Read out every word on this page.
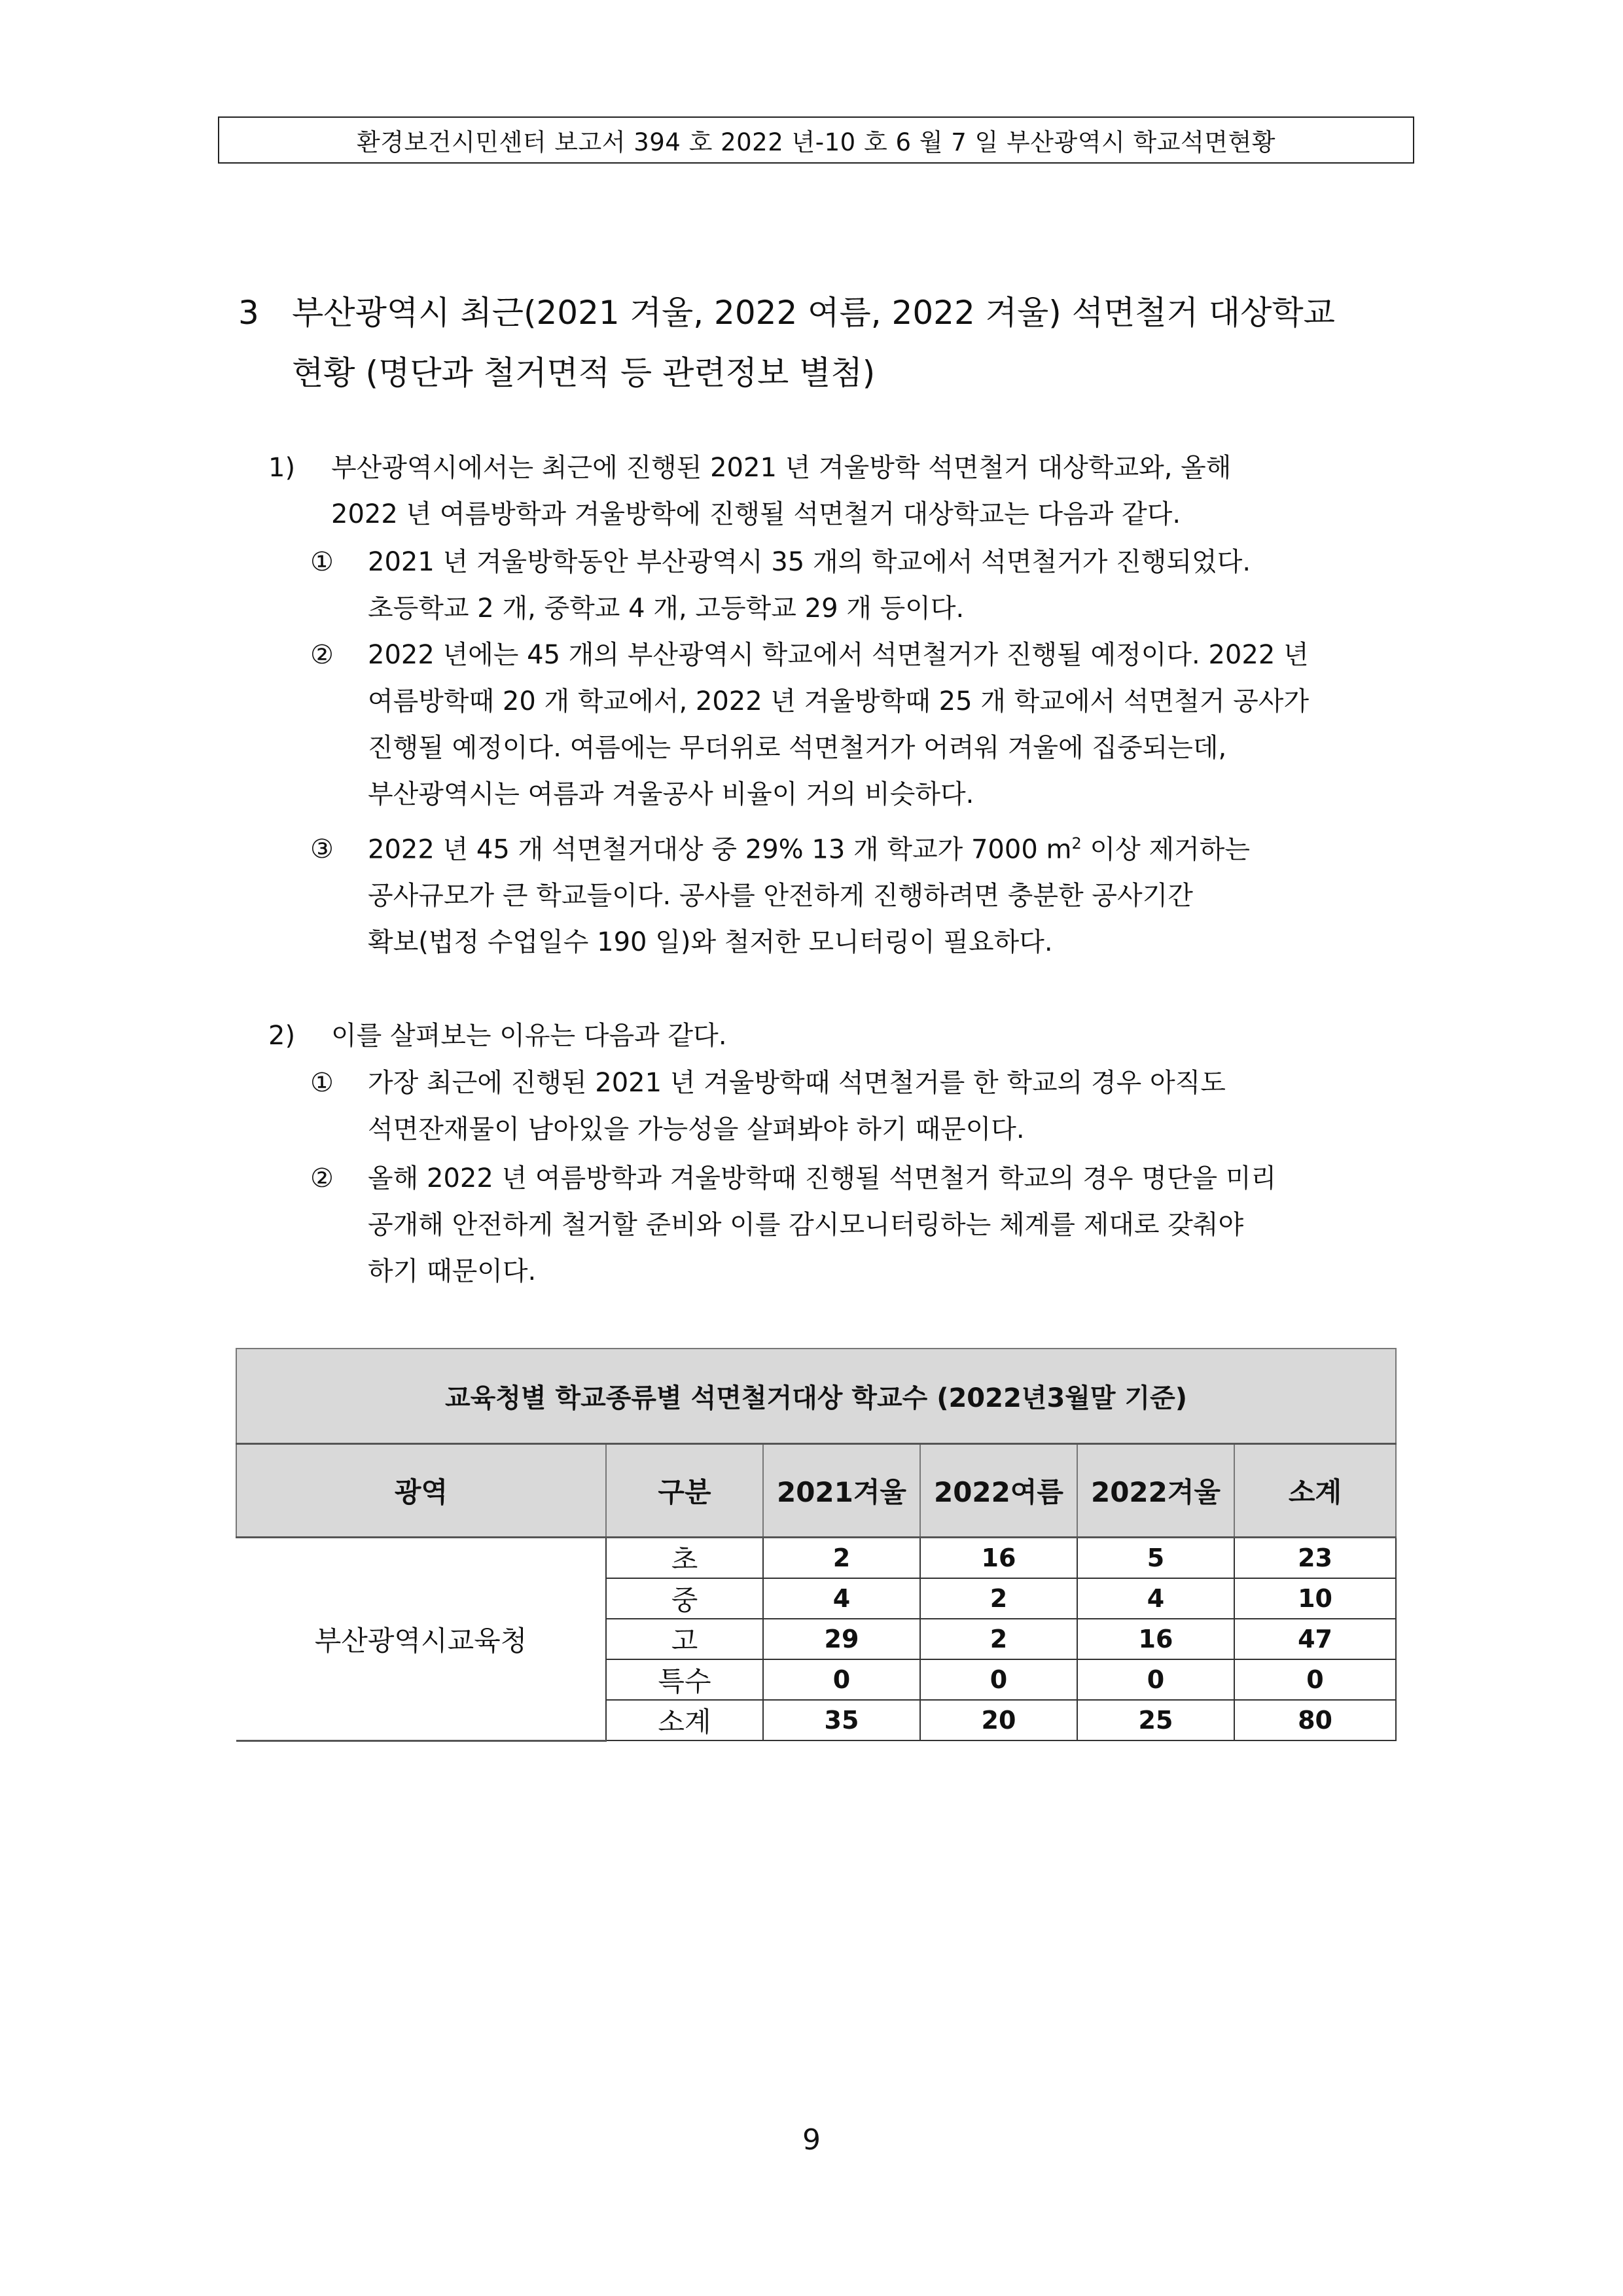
환경보건시민센터 보고서 394 호 2022 년-10 호 6 월 7 일 부산광역시 학교석면현황
3 부산광역시 최근(2021 겨울, 2022 여름, 2022 겨울) 석면철거 대상학교
현황 (명단과 철거면적 등 관련정보 별첨)
1) 부산광역시에서는 최근에 진행된 2021 년 겨울방학 석면철거 대상학교와, 올해
2022 년 여름방학과 겨울방학에 진행될 석면철거 대상학교는 다음과 같다.
① 2021 년 겨울방학동안 부산광역시 35 개의 학교에서 석면철거가 진행되었다.
초등학교 2 개, 중학교 4 개, 고등학교 29 개 등이다.
② 2022 년에는 45 개의 부산광역시 학교에서 석면철거가 진행될 예정이다. 2022 년
여름방학때 20 개 학교에서, 2022 년 겨울방학때 25 개 학교에서 석면철거 공사가
진행될 예정이다. 여름에는 무더위로 석면철거가 어려워 겨울에 집중되는데,
부산광역시는 여름과 겨울공사 비율이 거의 비슷하다.
③ 2022 년 45 개 석면철거대상 중 29% 13 개 학교가 7000 $m^2$ 이상 제거하는
공사규모가 큰 학교들이다. 공사를 안전하게 진행하려면 충분한 공사기간
확보(법정 수업일수 190 일)와 철저한 모니터링이 필요하다.
2) 이를 살펴보는 이유는 다음과 같다.
① 가장 최근에 진행된 2021 년 겨울방학때 석면철거를 한 학교의 경우 아직도
석면잔재물이 남아있을 가능성을 살펴봐야 하기 때문이다.
② 올해 2022 년 여름방학과 겨울방학때 진행될 석면철거 학교의 경우 명단을 미리
공개해 안전하게 철거할 준비와 이를 감시모니터링하는 체계를 제대로 갖춰야
하기 때문이다.
교육청별 학교종류별 석면철거대상 학교수 (2022년3월말 기준)					
광역	구분	2021겨울	2022여름	2022겨울	소계
부산광역시교육청	초	2	16	5	23
	중	4	2	4	10
	고	29	2	16	47
	특수	0	0	0	0
	소계	35	20	25	80
9
